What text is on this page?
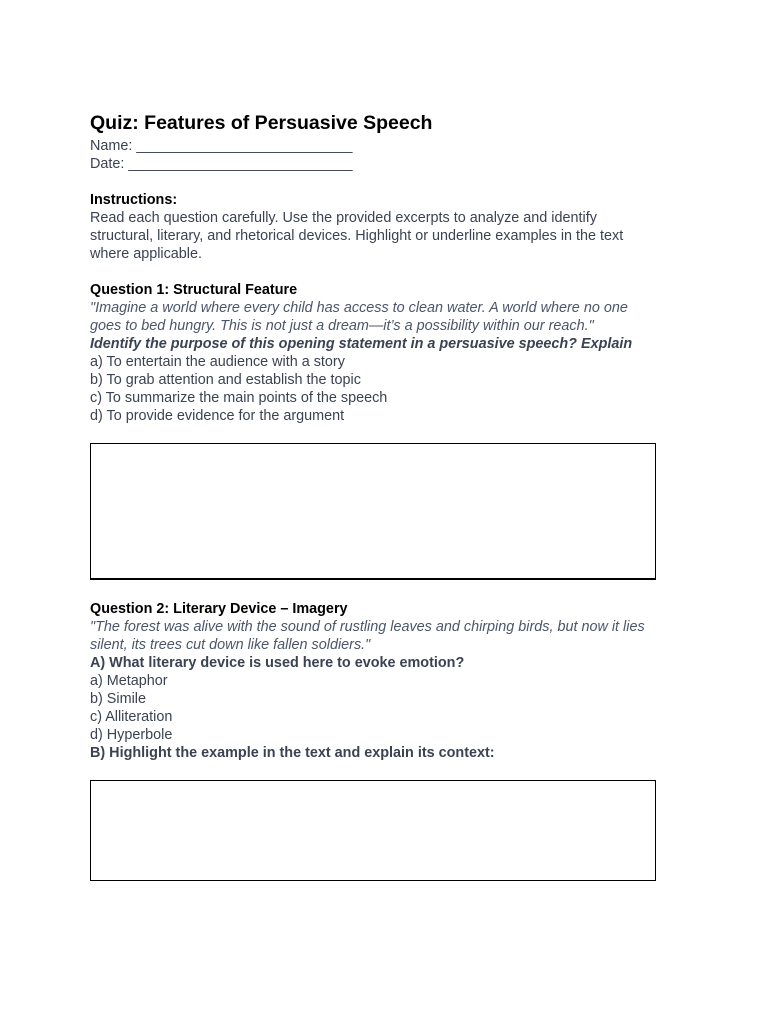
Quiz: Features of Persuasive Speech
Name: ___________________________
Date: ____________________________
Instructions:
Read each question carefully. Use the provided excerpts to analyze and identify
structural, literary, and rhetorical devices. Highlight or underline examples in the text
where applicable.
Question 1: Structural Feature
"Imagine a world where every child has access to clean water. A world where no one
goes to bed hungry. This is not just a dream—it’s a possibility within our reach."
Identify the purpose of this opening statement in a persuasive speech? Explain
a) To entertain the audience with a story
b) To grab attention and establish the topic
c) To summarize the main points of the speech
d) To provide evidence for the argument
Question 2: Literary Device – Imagery
"The forest was alive with the sound of rustling leaves and chirping birds, but now it lies
silent, its trees cut down like fallen soldiers."
A) What literary device is used here to evoke emotion?
a) Metaphor
b) Simile
c) Alliteration
d) Hyperbole
B) Highlight the example in the text and explain its context:
